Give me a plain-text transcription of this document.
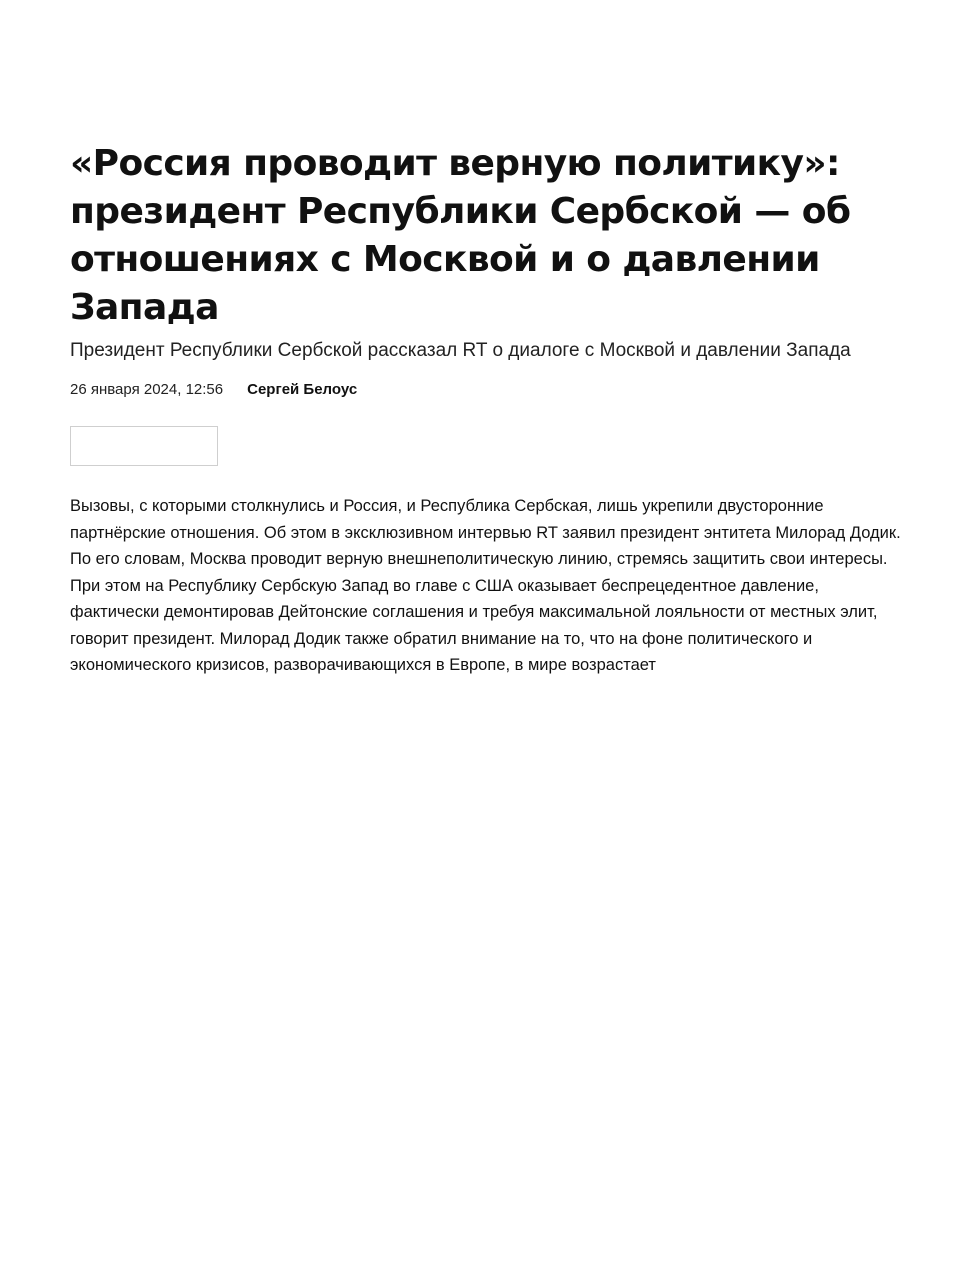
«Россия проводит верную политику»: президент Республики Сербской — об отношениях с Москвой и о давлении Запада

Президент Республики Сербской рассказал RT о диалоге с Москвой и давлении Запада

26 января 2024, 12:56 Сергей Белоус

Вызовы, с которыми столкнулись и Россия, и Республика Сербская, лишь укрепили двусторонние партнёрские отношения. Об этом в эксклюзивном интервью RT заявил президент энтитета Милорад Додик. По его словам, Москва проводит верную внешнеполитическую линию, стремясь защитить свои интересы. При этом на Республику Сербскую Запад во главе с США оказывает беспрецедентное давление, фактически демонтировав Дейтонские соглашения и требуя максимальной лояльности от местных элит, говорит президент. Милорад Додик также обратил внимание на то, что на фоне политического и экономического кризисов, разворачивающихся в Европе, в мире возрастает
